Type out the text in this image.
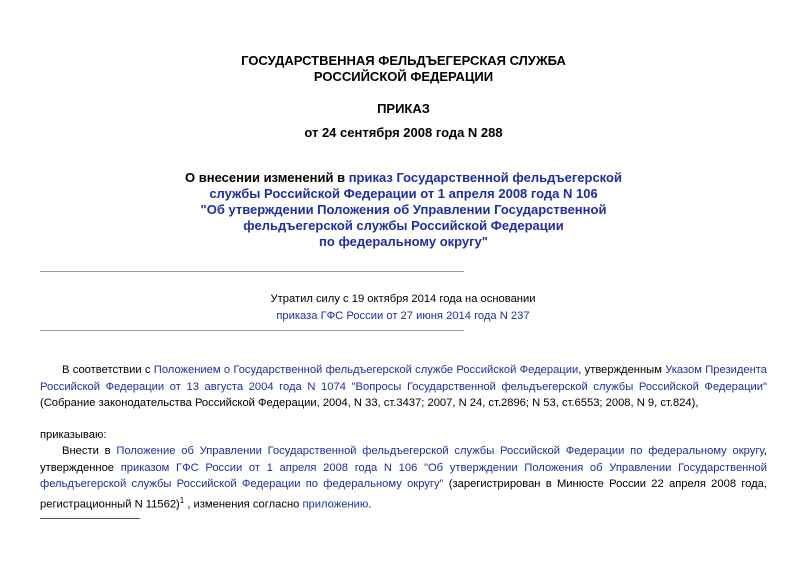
ГОСУДАРСТВЕННАЯ ФЕЛЬДЪЕГЕРСКАЯ СЛУЖБА
РОССИЙСКОЙ ФЕДЕРАЦИИ
ПРИКАЗ
от 24 сентября 2008 года N 288
О внесении изменений в приказ Государственной фельдъегерской
службы Российской Федерации от 1 апреля 2008 года N 106
"Об утверждении Положения об Управлении Государственной
фельдъегерской службы Российской Федерации
по федеральному округу"
Утратил силу с 19 октября 2014 года на основании
приказа ГФС России от 27 июня 2014 года N 237
В соответствии с Положением о Государственной фельдъегерской службе Российской Федерации, утвержденным Указом Президента
Российской Федерации от 13 августа 2004 года N 1074 "Вопросы Государственной фельдъегерской службы Российской Федерации"
(Собрание законодательства Российской Федерации, 2004, N 33, ст.3437; 2007, N 24, ст.2896; N 53, ст.6553; 2008, N 9, ст.824),
приказываю:
Внести в Положение об Управлении Государственной фельдъегерской службы Российской Федерации по федеральному округу,
утвержденное приказом ГФС России от 1 апреля 2008 года N 106 "Об утверждении Положения об Управлении Государственной
фельдъегерской службы Российской Федерации по федеральному округу" (зарегистрирован в Минюсте России 22 апреля 2008 года,
регистрационный N 11562)$^1$ , изменения согласно приложению.
